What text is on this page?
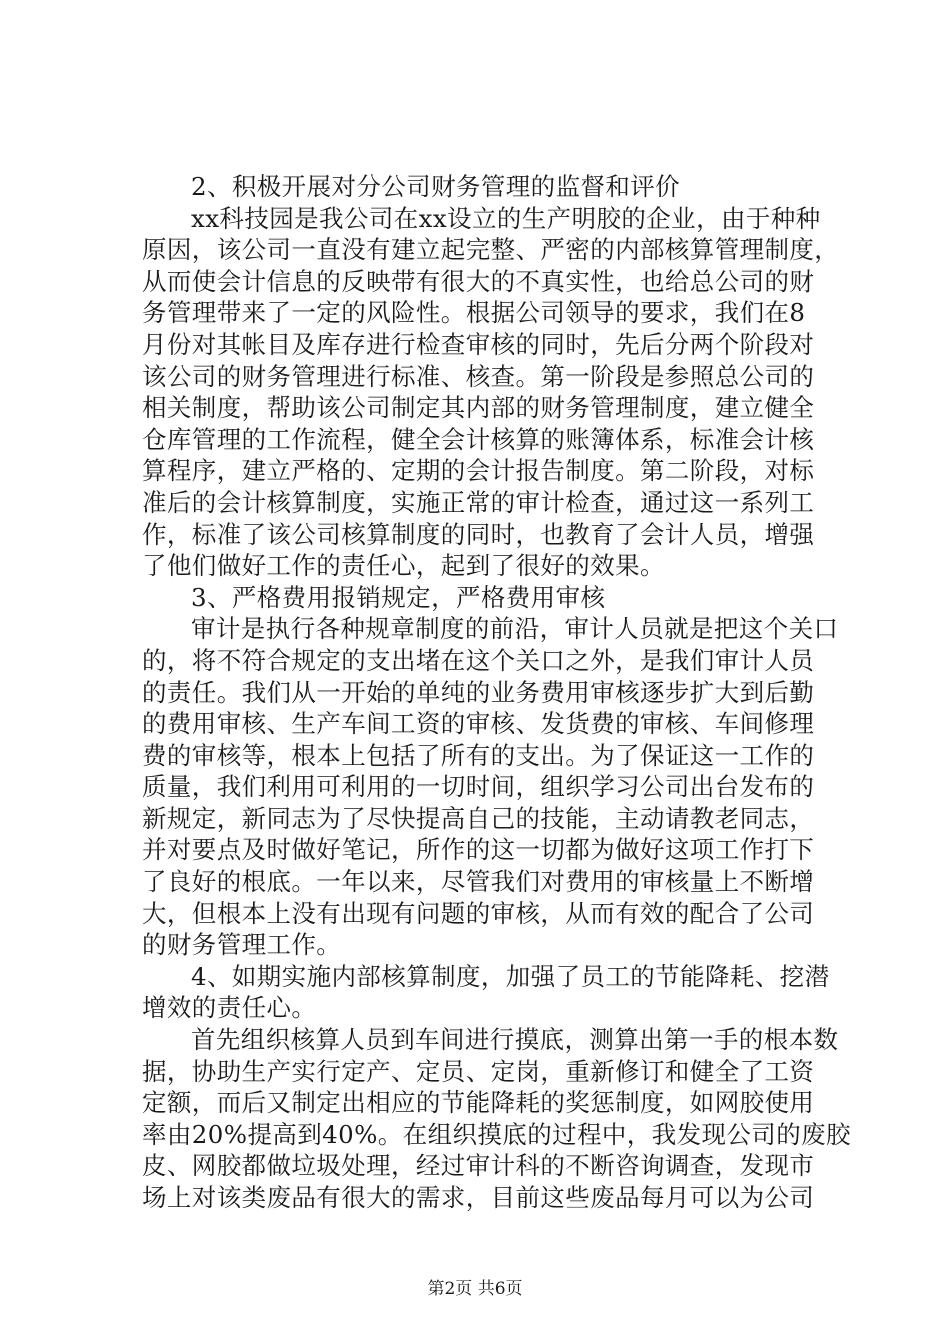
2、积极开展对分公司财务管理的监督和评价
xx科技园是我公司在xx设立的生产明胶的企业，由于种种
原因，该公司一直没有建立起完整、严密的内部核算管理制度，
从而使会计信息的反映带有很大的不真实性，也给总公司的财
务管理带来了一定的风险性。根据公司领导的要求，我们在8
月份对其帐目及库存进行检查审核的同时，先后分两个阶段对
该公司的财务管理进行标准、核查。第一阶段是参照总公司的
相关制度，帮助该公司制定其内部的财务管理制度，建立健全
仓库管理的工作流程，健全会计核算的账簿体系，标准会计核
算程序，建立严格的、定期的会计报告制度。第二阶段，对标
准后的会计核算制度，实施正常的审计检查，通过这一系列工
作，标准了该公司核算制度的同时，也教育了会计人员，增强
了他们做好工作的责任心，起到了很好的效果。
3、严格费用报销规定，严格费用审核
审计是执行各种规章制度的前沿，审计人员就是把这个关口
的，将不符合规定的支出堵在这个关口之外，是我们审计人员
的责任。我们从一开始的单纯的业务费用审核逐步扩大到后勤
的费用审核、生产车间工资的审核、发货费的审核、车间修理
费的审核等，根本上包括了所有的支出。为了保证这一工作的
质量，我们利用可利用的一切时间，组织学习公司出台发布的
新规定，新同志为了尽快提高自己的技能，主动请教老同志，
并对要点及时做好笔记，所作的这一切都为做好这项工作打下
了良好的根底。一年以来，尽管我们对费用的审核量上不断增
大，但根本上没有出现有问题的审核，从而有效的配合了公司
的财务管理工作。
4、如期实施内部核算制度，加强了员工的节能降耗、挖潜
增效的责任心。
首先组织核算人员到车间进行摸底，测算出第一手的根本数
据，协助生产实行定产、定员、定岗，重新修订和健全了工资
定额，而后又制定出相应的节能降耗的奖惩制度，如网胶使用
率由20%提高到40%。在组织摸底的过程中，我发现公司的废胶
皮、网胶都做垃圾处理，经过审计科的不断咨询调查，发现市
场上对该类废品有很大的需求，目前这些废品每月可以为公司
第2页 共6页
